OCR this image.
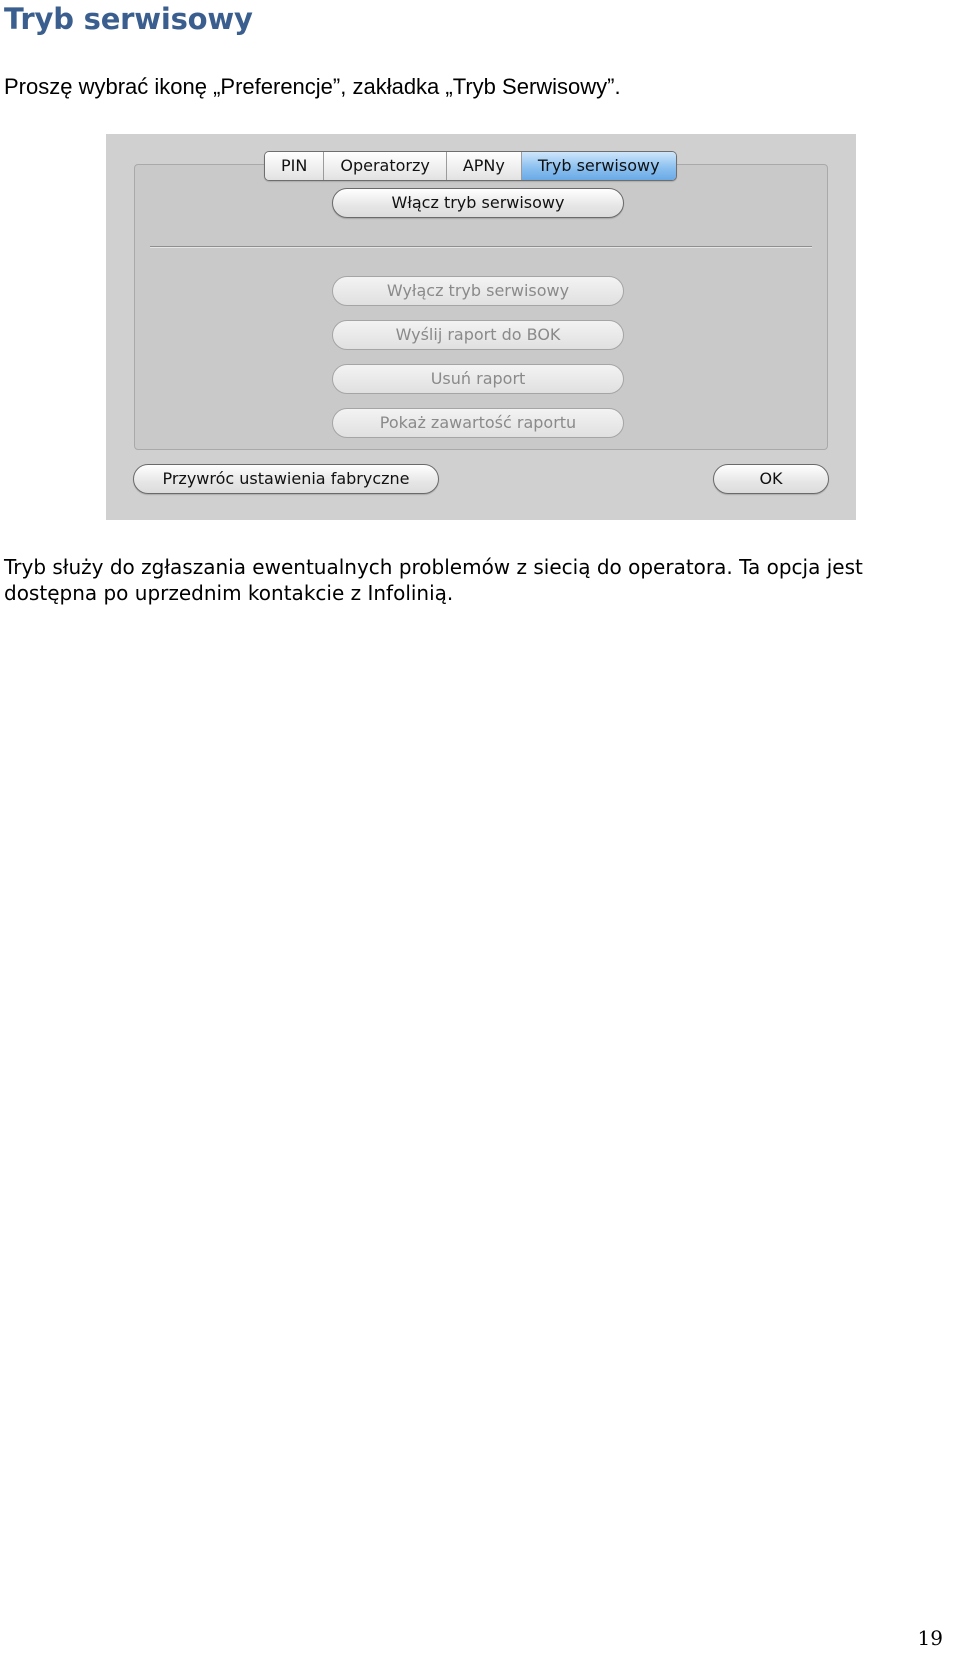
Tryb serwisowy

Proszę wybrać ikonę „Preferencje”, zakładka „Tryb Serwisowy”.

PIN	Operatorzy	APNy	Tryb serwisowy
Włącz tryb serwisowy
Wyłącz tryb serwisowy
Wyślij raport do BOK
Usuń raport
Pokaż zawartość raportu
Przywróc ustawienia fabryczne	OK

Tryb służy do zgłaszania ewentualnych problemów z siecią do operatora. Ta opcja jest dostępna po uprzednim kontakcie z Infolinią.

19
